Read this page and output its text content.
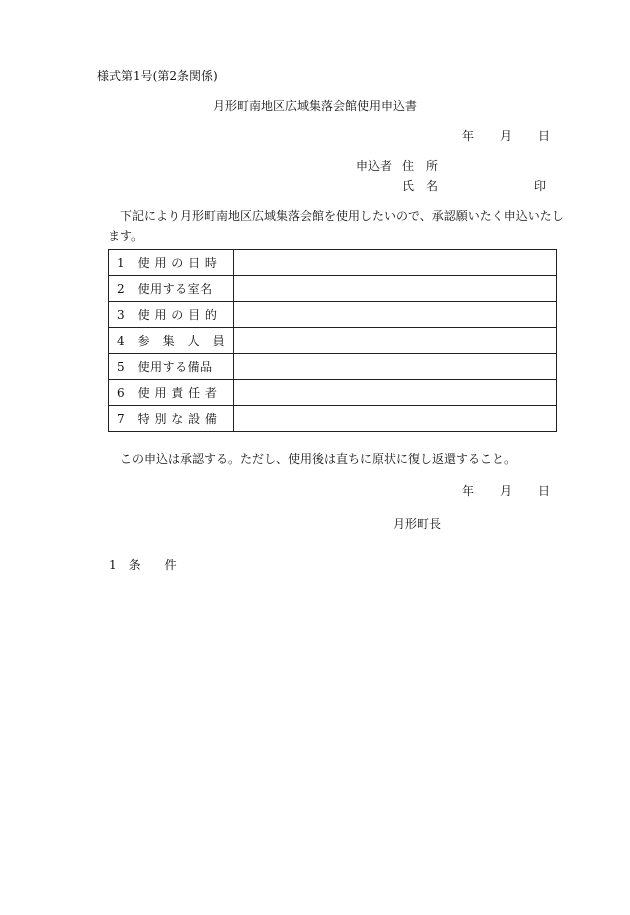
様式第1号(第2条関係)
月形町南地区広域集落会館使用申込書
年 月 日
申込者 住　所
氏　名	印
下記により月形町南地区広域集落会館を使用したいので、承認願いたく申込いたします。
1　使 用 の 日 時	
2　使用する室名	
3　使 用 の 目 的	
4　参　集　人　員	
5　使用する備品	
6　使 用 責 任 者	
7　特 別 な 設 備	
この申込は承認する。ただし、使用後は直ちに原状に復し返還すること。
年 月 日
月形町長
1　条　　件
